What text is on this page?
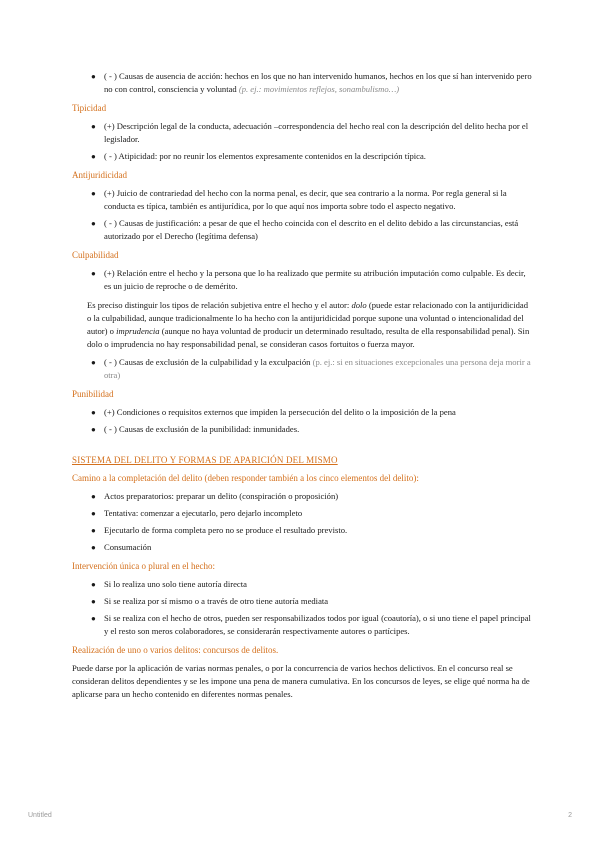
● ( - ) Causas de ausencia de acción: hechos en los que no han intervenido humanos, hechos en los que sí han intervenido pero no con control, consciencia y voluntad (p. ej.: movimientos reflejos, sonambulismo…)
Tipicidad
● (+) Descripción legal de la conducta, adecuación –correspondencia del hecho real con la descripción del delito hecha por el legislador.
● ( - ) Atipicidad: por no reunir los elementos expresamente contenidos en la descripción típica.
Antijuridicidad
● (+) Juicio de contrariedad del hecho con la norma penal, es decir, que sea contrario a la norma. Por regla general si la conducta es típica, también es antijurídica, por lo que aquí nos importa sobre todo el aspecto negativo.
● ( - ) Causas de justificación: a pesar de que el hecho coincida con el descrito en el delito debido a las circunstancias, está autorizado por el Derecho (legítima defensa)
Culpabilidad
● (+) Relación entre el hecho y la persona que lo ha realizado que permite su atribución imputación como culpable. Es decir, es un juicio de reproche o de demérito.

Es preciso distinguir los tipos de relación subjetiva entre el hecho y el autor: dolo (puede estar relacionado con la antijuridicidad o la culpabilidad, aunque tradicionalmente lo ha hecho con la antijuridicidad porque supone una voluntad o intencionalidad del autor) o imprudencia (aunque no haya voluntad de producir un determinado resultado, resulta de ella responsabilidad penal). Sin dolo o imprudencia no hay responsabilidad penal, se consideran casos fortuitos o fuerza mayor.

● ( - ) Causas de exclusión de la culpabilidad y la exculpación (p. ej.: si en situaciones excepcionales una persona deja morir a otra)
Punibilidad
● (+) Condiciones o requisitos externos que impiden la persecución del delito o la imposición de la pena
● ( - ) Causas de exclusión de la punibilidad: inmunidades.
SISTEMA DEL DELITO Y FORMAS DE APARICIÓN DEL MISMO
Camino a la completación del delito (deben responder también a los cinco elementos del delito):
● Actos preparatorios: preparar un delito (conspiración o proposición)
● Tentativa: comenzar a ejecutarlo, pero dejarlo incompleto
● Ejecutarlo de forma completa pero no se produce el resultado previsto.
● Consumación
Intervención única o plural en el hecho:
● Si lo realiza uno solo tiene autoría directa
● Si se realiza por sí mismo o a través de otro tiene autoría mediata
● Si se realiza con el hecho de otros, pueden ser responsabilizados todos por igual (coautoría), o si uno tiene el papel principal y el resto son meros colaboradores, se considerarán respectivamente autores o partícipes.
Realización de uno o varios delitos: concursos de delitos.

Puede darse por la aplicación de varias normas penales, o por la concurrencia de varios hechos delictivos. En el concurso real se consideran delitos dependientes y se les impone una pena de manera cumulativa. En los concursos de leyes, se elige qué norma ha de aplicarse para un hecho contenido en diferentes normas penales.

Untitled	2
